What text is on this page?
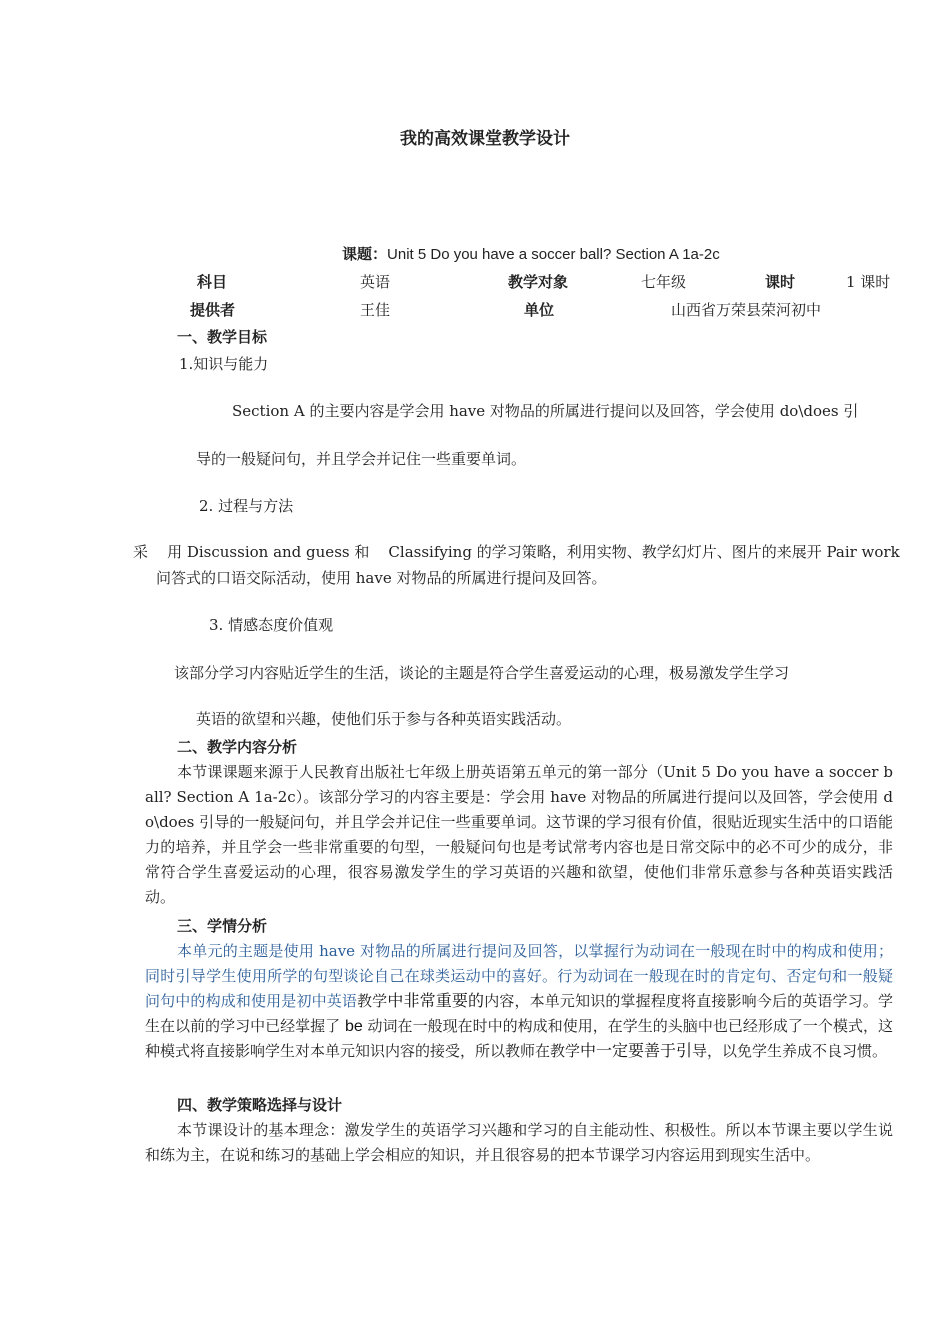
我的高效课堂教学设计
课题：Unit 5 Do you have a soccer ball? Section A 1a-2c
科目	英语	教学对象	七年级	课时	1 课时
提供者	王佳	单位	山西省万荣县荣河初中
一、教学目标
1.知识与能力
Section A 的主要内容是学会用 have 对物品的所属进行提问以及回答，学会使用 do\does 引
导的一般疑问句，并且学会并记住一些重要单词。
2. 过程与方法
采    用 Discussion and guess 和    Classifying 的学习策略，利用实物、教学幻灯片、图片的来展开 Pair work
问答式的口语交际活动，使用 have 对物品的所属进行提问及回答。
3. 情感态度价值观
该部分学习内容贴近学生的生活，谈论的主题是符合学生喜爱运动的心理，极易激发学生学习
英语的欲望和兴趣，使他们乐于参与各种英语实践活动。
二、教学内容分析
本节课课题来源于人民教育出版社七年级上册英语第五单元的第一部分（Unit 5 Do you have a soccer ball? Section A 1a-2c）。该部分学习的内容主要是：学会用 have 对物品的所属进行提问以及回答，学会使用 do\does 引导的一般疑问句，并且学会并记住一些重要单词。这节课的学习很有价值，很贴近现实生活中的口语能力的培养，并且学会一些非常重要的句型，一般疑问句也是考试常考内容也是日常交际中的必不可少的成分，非常符合学生喜爱运动的心理，很容易激发学生的学习英语的兴趣和欲望，使他们非常乐意参与各种英语实践活动。
三、学情分析
本单元的主题是使用 have 对物品的所属进行提问及回答，以掌握行为动词在一般现在时中的构成和使用；同时引导学生使用所学的句型谈论自己在球类运动中的喜好。行为动词在一般现在时的肯定句、否定句和一般疑问句中的构成和使用是初中英语教学中非常重要的内容，本单元知识的掌握程度将直接影响今后的英语学习。学生在以前的学习中已经掌握了 be 动词在一般现在时中的构成和使用，在学生的头脑中也已经形成了一个模式，这种模式将直接影响学生对本单元知识内容的接受，所以教师在教学中一定要善于引导，以免学生养成不良习惯。
四、教学策略选择与设计
本节课设计的基本理念：激发学生的英语学习兴趣和学习的自主能动性、积极性。所以本节课主要以学生说和练为主，在说和练习的基础上学会相应的知识，并且很容易的把本节课学习内容运用到现实生活中。
